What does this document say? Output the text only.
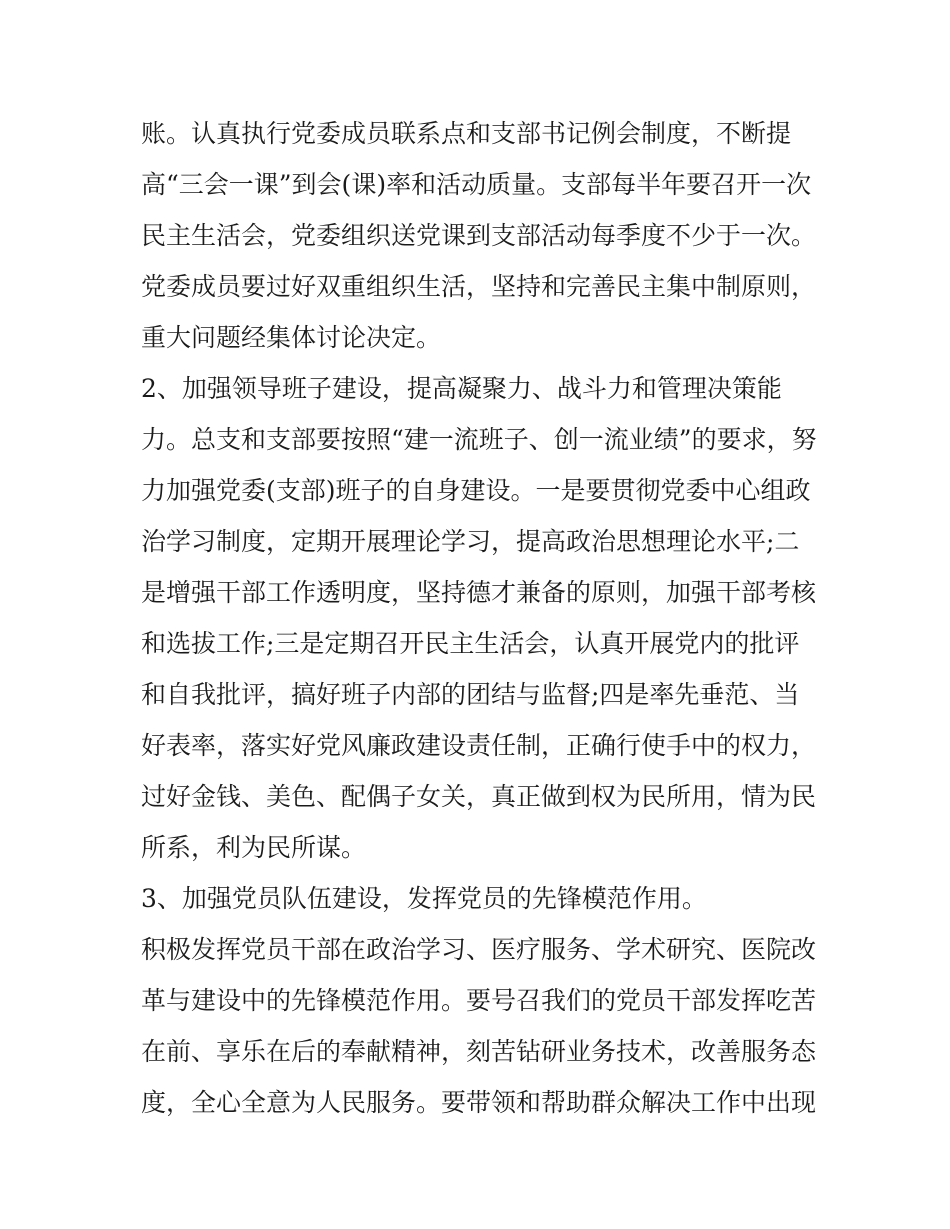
账。认真执行党委成员联系点和支部书记例会制度，不断提
高“三会一课”到会(课)率和活动质量。支部每半年要召开一次
民主生活会，党委组织送党课到支部活动每季度不少于一次。
党委成员要过好双重组织生活，坚持和完善民主集中制原则，
重大问题经集体讨论决定。
2、加强领导班子建设，提高凝聚力、战斗力和管理决策能
力。总支和支部要按照“建一流班子、创一流业绩”的要求，努
力加强党委(支部)班子的自身建设。一是要贯彻党委中心组政
治学习制度，定期开展理论学习，提高政治思想理论水平;二
是增强干部工作透明度，坚持德才兼备的原则，加强干部考核
和选拔工作;三是定期召开民主生活会，认真开展党内的批评
和自我批评，搞好班子内部的团结与监督;四是率先垂范、当
好表率，落实好党风廉政建设责任制，正确行使手中的权力，
过好金钱、美色、配偶子女关，真正做到权为民所用，情为民
所系，利为民所谋。
3、加强党员队伍建设，发挥党员的先锋模范作用。
积极发挥党员干部在政治学习、医疗服务、学术研究、医院改
革与建设中的先锋模范作用。要号召我们的党员干部发挥吃苦
在前、享乐在后的奉献精神，刻苦钻研业务技术，改善服务态
度，全心全意为人民服务。要带领和帮助群众解决工作中出现
